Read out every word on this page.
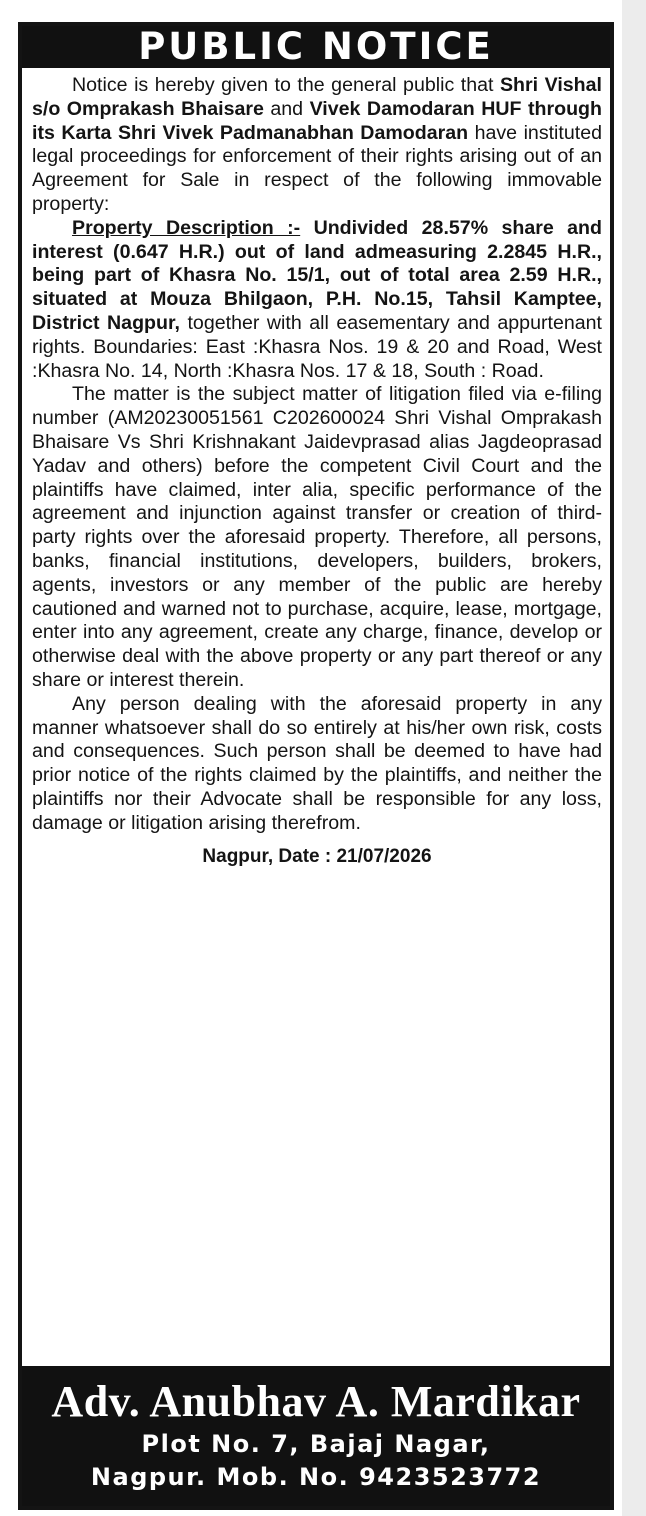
PUBLIC NOTICE

Notice is hereby given to the general public that Shri Vishal s/o Omprakash Bhaisare and Vivek Damodaran HUF through its Karta Shri Vivek Padmanabhan Damodaran have instituted legal proceedings for enforcement of their rights arising out of an Agreement for Sale in respect of the following immovable property:

Property Description :- Undivided 28.57% share and interest (0.647 H.R.) out of land admeasuring 2.2845 H.R., being part of Khasra No. 15/1, out of total area 2.59 H.R., situated at Mouza Bhilgaon, P.H. No.15, Tahsil Kamptee, District Nagpur, together with all easementary and appurtenant rights. Boundaries: East :Khasra Nos. 19 & 20 and Road, West :Khasra No. 14, North :Khasra Nos. 17 & 18, South : Road.

The matter is the subject matter of litigation filed via e-filing number (AM20230051561 C202600024 Shri Vishal Omprakash Bhaisare Vs Shri Krishnakant Jaidevprasad alias Jagdeoprasad Yadav and others) before the competent Civil Court and the plaintiffs have claimed, inter alia, specific performance of the agreement and injunction against transfer or creation of third-party rights over the aforesaid property. Therefore, all persons, banks, financial institutions, developers, builders, brokers, agents, investors or any member of the public are hereby cautioned and warned not to purchase, acquire, lease, mortgage, enter into any agreement, create any charge, finance, develop or otherwise deal with the above property or any part thereof or any share or interest therein.

Any person dealing with the aforesaid property in any manner whatsoever shall do so entirely at his/her own risk, costs and consequences. Such person shall be deemed to have had prior notice of the rights claimed by the plaintiffs, and neither the plaintiffs nor their Advocate shall be responsible for any loss, damage or litigation arising therefrom.

Nagpur, Date : 21/07/2026
Adv. Anubhav A. Mardikar
Plot No. 7, Bajaj Nagar,
Nagpur. Mob. No. 9423523772
